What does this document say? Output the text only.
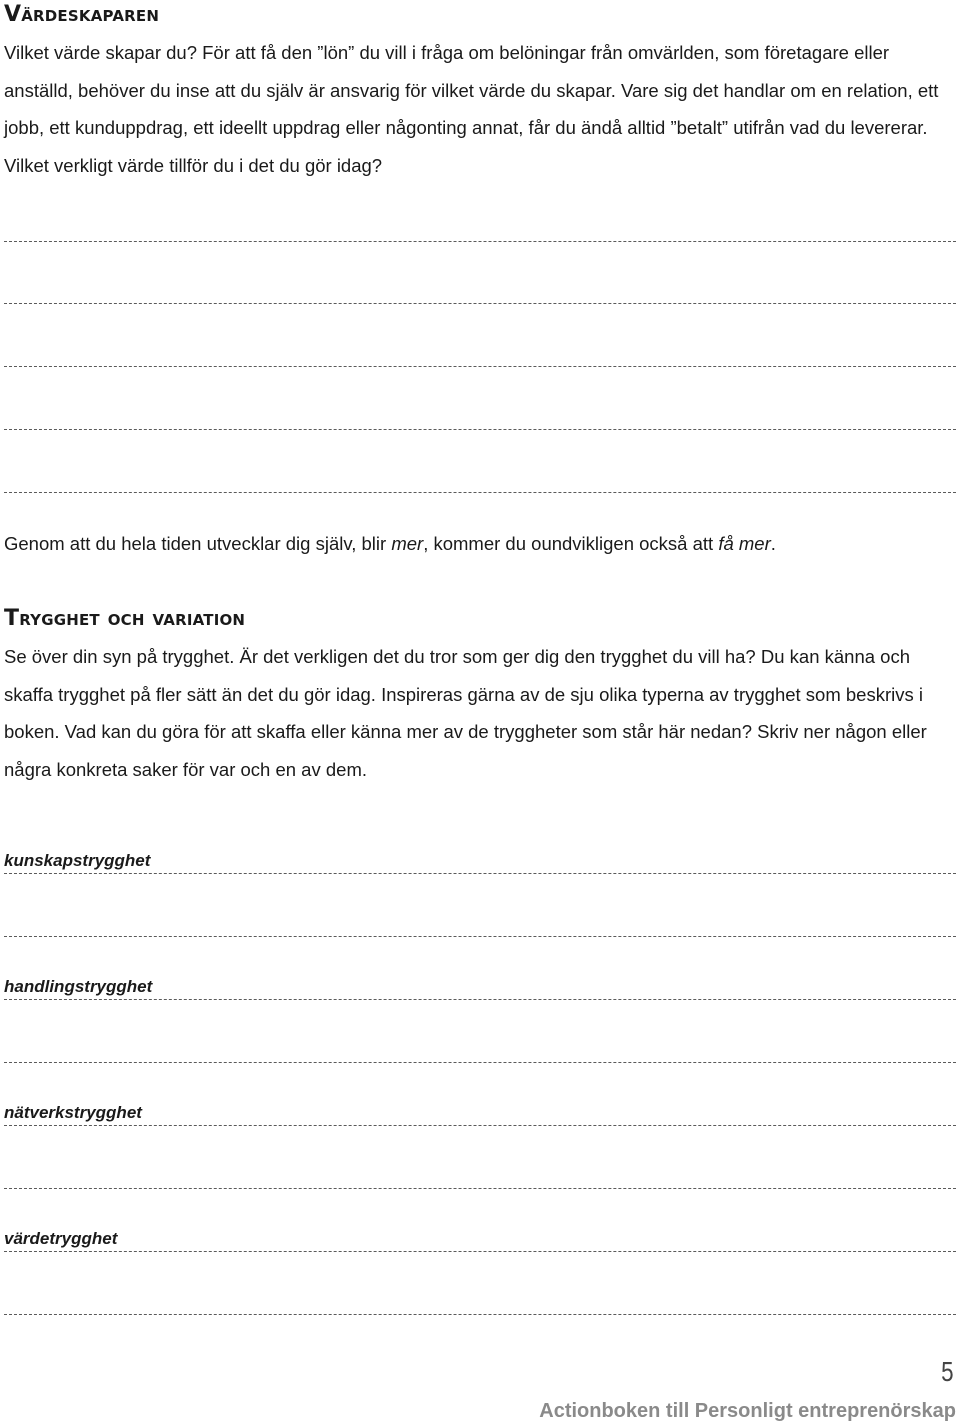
Värdeskaparen

Vilket värde skapar du? För att få den ”lön” du vill i fråga om belöningar från omvärlden, som företagare eller anställd, behöver du inse att du själv är ansvarig för vilket värde du skapar. Vare sig det handlar om en relation, ett jobb, ett kunduppdrag, ett ideellt uppdrag eller någonting annat, får du ändå alltid ”betalt” utifrån vad du levererar. Vilket verkligt värde tillför du i det du gör idag?

Genom att du hela tiden utvecklar dig själv, blir mer, kommer du oundvikligen också att få mer.

Trygghet och variation

Se över din syn på trygghet. Är det verkligen det du tror som ger dig den trygghet du vill ha? Du kan känna och skaffa trygghet på fler sätt än det du gör idag. Inspireras gärna av de sju olika typerna av trygghet som beskrivs i boken. Vad kan du göra för att skaffa eller känna mer av de tryggheter som står här nedan? Skriv ner någon eller några konkreta saker för var och en av dem.

kunskapstrygghet
handlingstrygghet
nätverkstrygghet
värdetrygghet
5
Actionboken till Personligt entreprenörskap
